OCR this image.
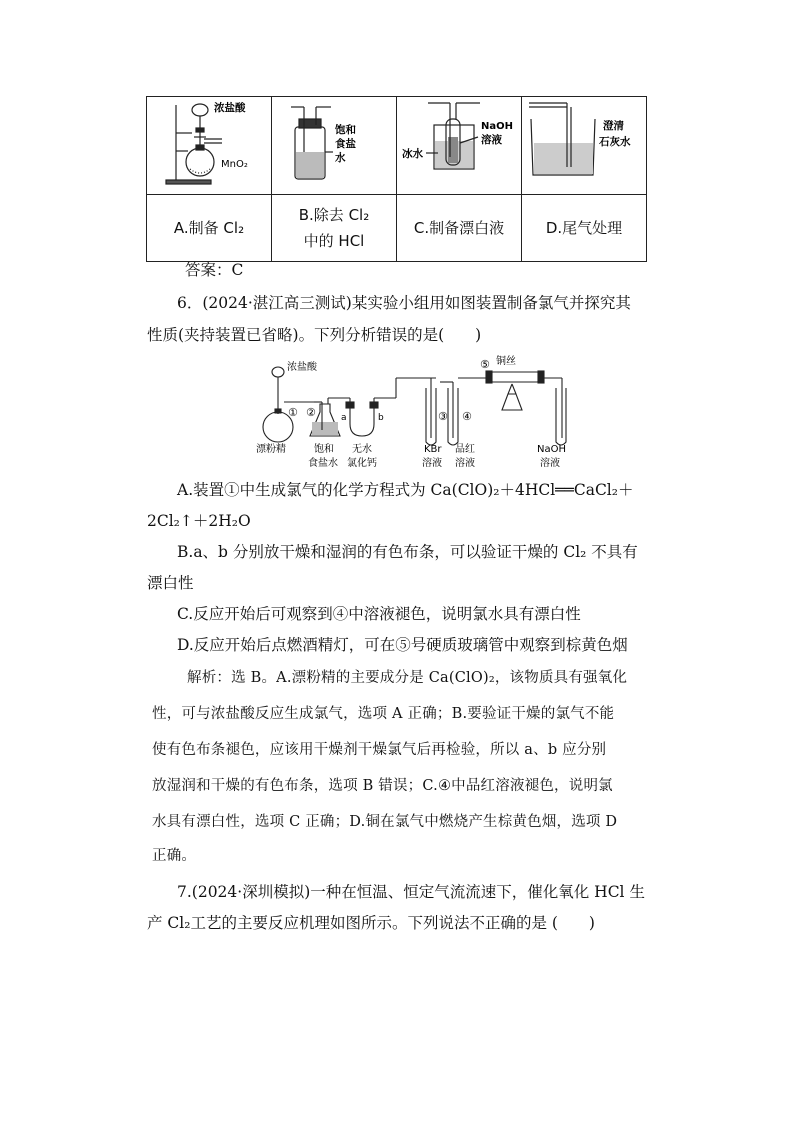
浓盐酸
MnO₂	饱和
食盐
水	NaOH
溶液
冰水	澄清
石灰水

A.制备 Cl₂	B.除去 Cl₂
中的 HCl	C.制备漂白液	D.尾气处理
答案：C
6．(2024·湛江高三测试)某实验小组用如图装置制备氯气并探究其
性质(夹持装置已省略)。下列分析错误的是(　　)
浓盐酸
① ②	a	b	③ ④
⑤ 铜丝
漂粉精	饱和
食盐水
无水
氯化钙
KBr
溶液
品红
溶液
NaOH
溶液
A.装置①中生成氯气的化学方程式为 Ca(ClO)₂＋4HCl══CaCl₂＋
2Cl₂↑＋2H₂O
B.a、b 分别放干燥和湿润的有色布条，可以验证干燥的 Cl₂ 不具有
漂白性
C.反应开始后可观察到④中溶液褪色，说明氯水具有漂白性
D.反应开始后点燃酒精灯，可在⑤号硬质玻璃管中观察到棕黄色烟
解析：选 B。A.漂粉精的主要成分是 Ca(ClO)₂，该物质具有强氧化
性，可与浓盐酸反应生成氯气，选项 A 正确；B.要验证干燥的氯气不能
使有色布条褪色，应该用干燥剂干燥氯气后再检验，所以 a、b 应分别
放湿润和干燥的有色布条，选项 B 错误；C.④中品红溶液褪色，说明氯
水具有漂白性，选项 C 正确；D.铜在氯气中燃烧产生棕黄色烟，选项 D
正确。
7.(2024·深圳模拟)一种在恒温、恒定气流流速下，催化氧化 HCl 生
产 Cl₂工艺的主要反应机理如图所示。下列说法不正确的是 (　　)
